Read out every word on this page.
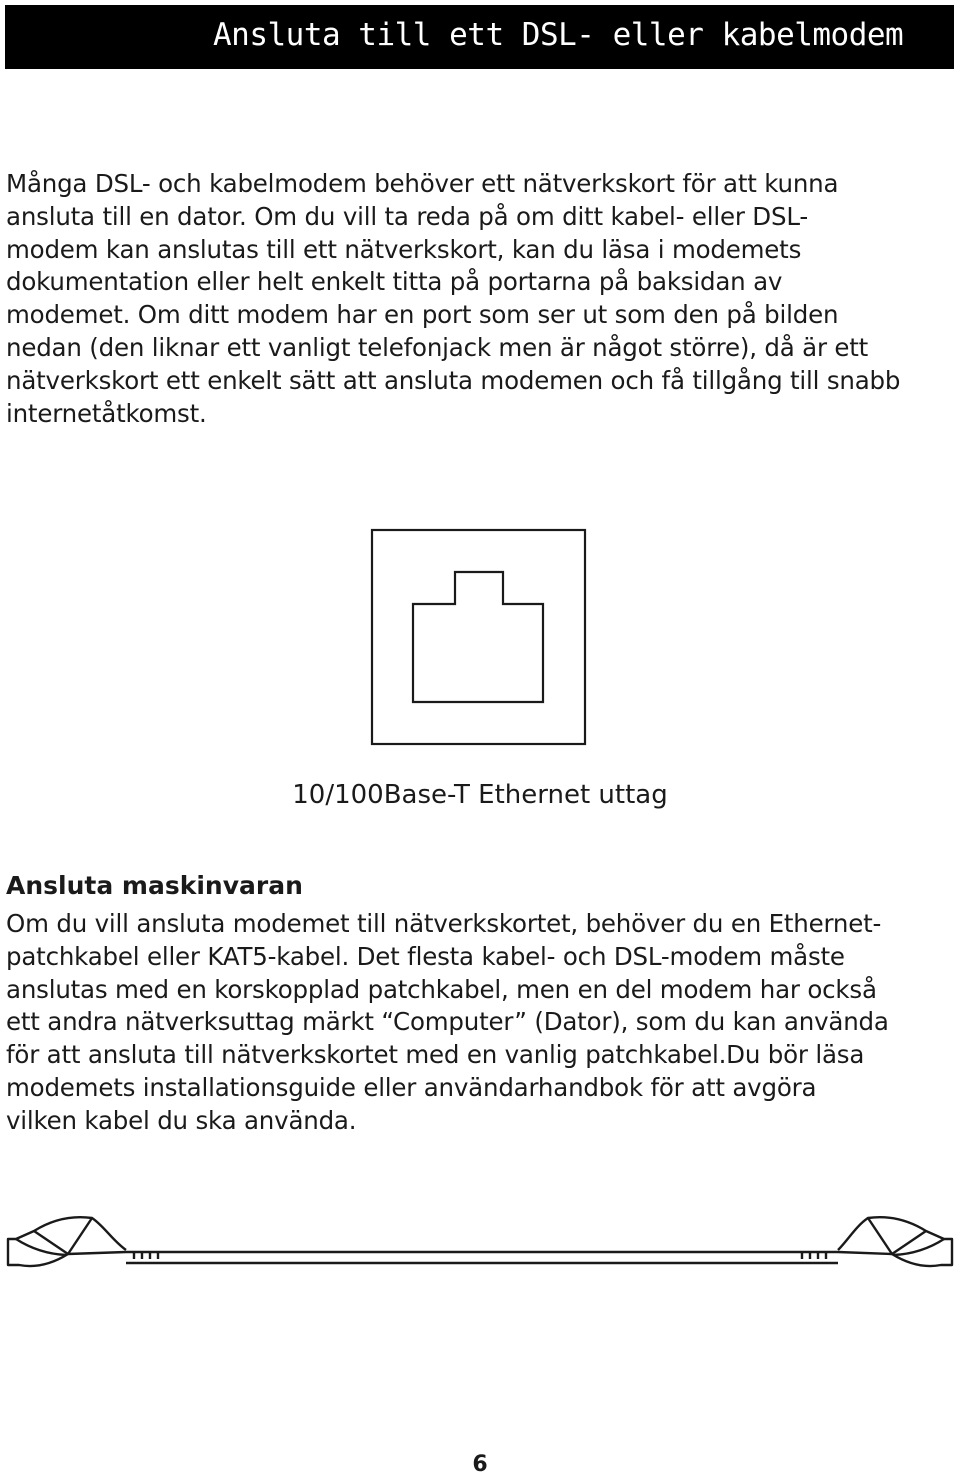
Ansluta till ett DSL- eller kabelmodem

Många DSL- och kabelmodem behöver ett nätverkskort för att kunna
ansluta till en dator. Om du vill ta reda på om ditt kabel- eller DSL-
modem kan anslutas till ett nätverkskort, kan du läsa i modemets
dokumentation eller helt enkelt titta på portarna på baksidan av
modemet. Om ditt modem har en port som ser ut som den på bilden
nedan (den liknar ett vanligt telefonjack men är något större), då är ett
nätverkskort ett enkelt sätt att ansluta modemen och få tillgång till snabb
internetåtkomst.

10/100Base-T Ethernet uttag
Ansluta maskinvaran

Om du vill ansluta modemet till nätverkskortet, behöver du en Ethernet-
patchkabel eller KAT5-kabel. Det flesta kabel- och DSL-modem måste
anslutas med en korskopplad patchkabel, men en del modem har också
ett andra nätverksuttag märkt “Computer” (Dator), som du kan använda
för att ansluta till nätverkskortet med en vanlig patchkabel.Du bör läsa
modemets installationsguide eller användarhandbok för att avgöra
vilken kabel du ska använda.

6
